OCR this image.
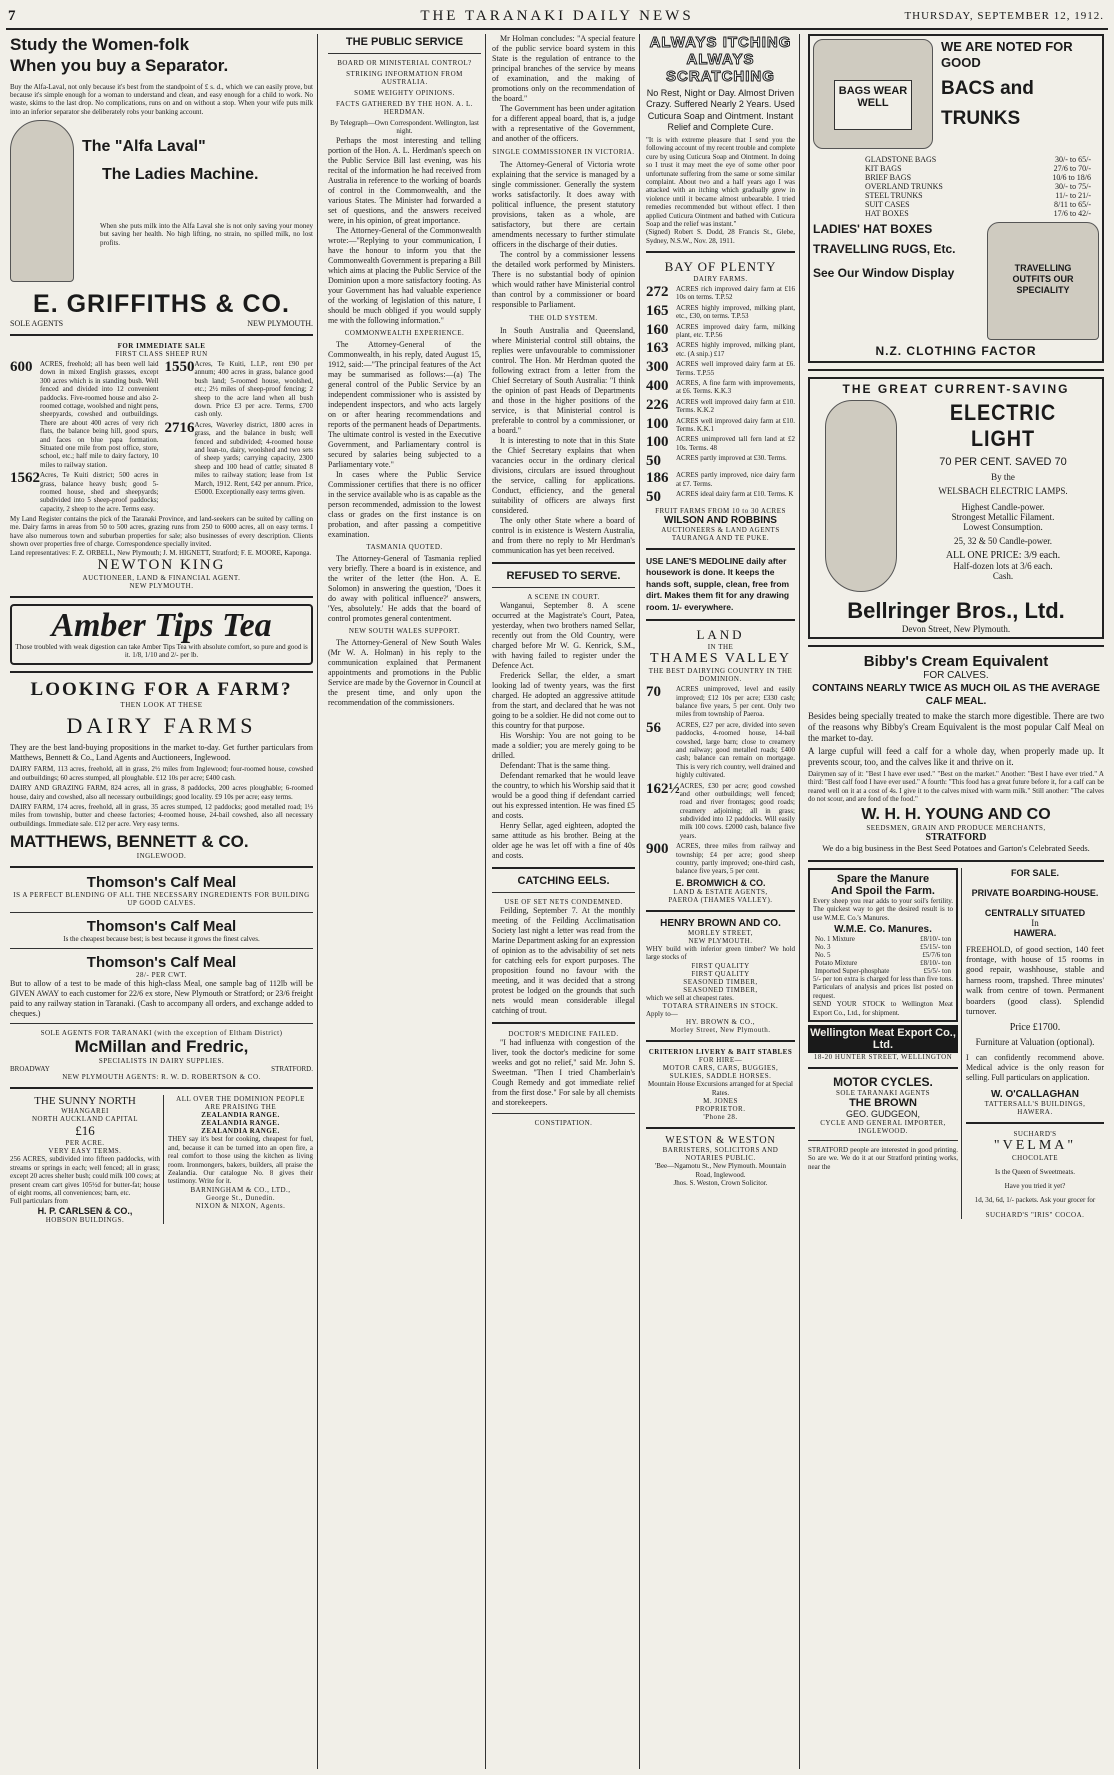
7	THE TARANAKI DAILY NEWS	THURSDAY, SEPTEMBER 12, 1912.

Study the Women-folk

When you buy a Separator.

Buy the Alfa-Laval, not only because it's best from the standpoint of £ s. d., which we can easily prove, but because it's simple enough for a woman to understand and clean, and easy enough for a child to work. No waste, skims to the last drop. No complications, runs on and on without a stop. When your wife puts milk into an inferior separator she deliberately robs your banking account.

The "Alfa Laval"

The Ladies Machine.

When she puts milk into the Alfa Laval she is not only saving your money but saving her health. No high lifting, no strain, no spilled milk, no lost profits.

E. GRIFFITHS & CO.

SOLE AGENTS	NEW PLYMOUTH.

FOR IMMEDIATE SALE

FIRST CLASS SHEEP RUN

600	ACRES, freehold; all has been well laid down in mixed English grasses, except 300 acres which is in standing bush. Well fenced and divided into 12 convenient paddocks. Five-roomed house and also 2-roomed cottage, woolshed and night pens, sheepyards, cowshed and outbuildings. There are about 400 acres of very rich flats, the balance being hill, good spurs, and faces on blue papa formation. Situated one mile from post office, store, school, etc.; half mile to dairy factory, 10 miles to railway station.
1562 Acres, Te Kuiti district; 500 acres in grass, balance heavy bush; good 5-roomed house, shed and sheepyards; subdivided into 5 sheep-proof paddocks; capacity, 2 sheep to the acre. Terms easy.
1550 Acres, Te Kuiti, L.I.P., rent £90 per annum; 400 acres in grass, balance good bush land; 5-roomed house, woolshed, etc.; 2½ miles of sheep-proof fencing; 2 sheep to the acre land when all bush down. Price £3 per acre. Terms, £700 cash only.
2716 Acres, Waverley district, 1800 acres in grass, and the balance in bush; well fenced and subdivided; 4-roomed house and lean-to, dairy, woolshed and two sets of sheep yards; carrying capacity, 2300 sheep and 100 head of cattle; situated 8 miles to railway station; lease from 1st March, 1912. Rent, £42 per annum. Price, £5000. Exceptionally easy terms given.

My Land Register contains the pick of the Taranaki Province, and land-seekers can be suited by calling on me. Dairy farms in areas from 50 to 500 acres, grazing runs from 250 to 6000 acres, all on easy terms. I have also numerous town and suburban properties for sale; also businesses of every description. Clients shown over properties free of charge. Correspondence specially invited.

Land representatives: F. Z. ORBELL, New Plymouth; J. M. HIGNETT, Stratford; F. E. MOORE, Kaponga.

NEWTON KING

AUCTIONEER, LAND & FINANCIAL AGENT.

NEW PLYMOUTH.

Amber Tips Tea

Those troubled with weak digestion can take Amber Tips Tea with absolute comfort, so pure and good is it. 1/8, 1/10 and 2/- per lb.

LOOKING FOR A FARM?

THEN LOOK AT THESE

DAIRY FARMS

They are the best land-buying propositions in the market to-day. Get further particulars from Matthews, Bennett & Co., Land Agents and Auctioneers, Inglewood.

DAIRY FARM, 113 acres, freehold, all in grass, 2½ miles from Inglewood; four-roomed house, cowshed and outbuildings; 60 acres stumped, all ploughable. £12 10s per acre; £400 cash.

DAIRY AND GRAZING FARM, 824 acres, all in grass, 8 paddocks, 200 acres ploughable; 6-roomed house, dairy and cowshed, also all necessary outbuildings; good locality. £9 10s per acre; easy terms.

DAIRY FARM, 174 acres, freehold, all in grass, 35 acres stumped, 12 paddocks; good metalled road; 1½ miles from township, butter and cheese factories; 4-roomed house, 24-bail cowshed, also all necessary outbuildings. Immediate sale. £12 per acre. Very easy terms.

MATTHEWS, BENNETT & CO.

INGLEWOOD.

Thomson's Calf Meal

IS A PERFECT BLENDING OF ALL THE NECESSARY INGREDIENTS FOR BUILDING UP GOOD CALVES.

Thomson's Calf Meal

Is the cheapest because best; is best because it grows the finest calves.

Thomson's Calf Meal

28/- PER CWT.

But to allow of a test to be made of this high-class Meal, one sample bag of 112lb will be GIVEN AWAY to each customer for 22/6 ex store, New Plymouth or Stratford; or 23/6 freight paid to any railway station in Taranaki. (Cash to accompany all orders, and exchange added to cheques.)

SOLE AGENTS FOR TARANAKI (with the exception of Eltham District)

McMillan and Fredric,

SPECIALISTS IN DAIRY SUPPLIES.

BROADWAY	STRATFORD.

NEW PLYMOUTH AGENTS: R. W. D. ROBERTSON & CO.

THE SUNNY NORTH

WHANGAREI

NORTH AUCKLAND CAPITAL

£16

PER ACRE.

VERY EASY TERMS.

256 ACRES, subdivided into fifteen paddocks, with streams or springs in each; well fenced; all in grass; except 20 acres shelter bush; could milk 100 cows; at present cream cart gives 105½d for butter-fat; house of eight rooms, all conveniences; barn, etc.

Full particulars from

H. P. CARLSEN & CO.,

HOBSON BUILDINGS.

ALL OVER THE DOMINION PEOPLE ARE PRAISING THE

ZEALANDIA RANGE.

ZEALANDIA RANGE.

ZEALANDIA RANGE.

THEY say it's best for cooking, cheapest for fuel, and, because it can be turned into an open fire, a real comfort to those using the kitchen as living room. Ironmongers, bakers, builders, all praise the Zealandia. Our catalogue No. 8 gives their testimony. Write for it.

BARNINGHAM & CO., LTD.,

George St., Dunedin.

NIXON & NIXON, Agents.

THE PUBLIC SERVICE

BOARD OR MINISTERIAL CONTROL?

STRIKING INFORMATION FROM AUSTRALIA.

SOME WEIGHTY OPINIONS.

FACTS GATHERED BY THE HON. A. L. HERDMAN.

By Telegraph—Own Correspondent. Wellington, last night.

Perhaps the most interesting and telling portion of the Hon. A. L. Herdman's speech on the Public Service Bill last evening, was his recital of the information he had received from Australia in reference to the working of boards of control in the Commonwealth, and the various States. The Minister had forwarded a set of questions, and the answers received were, in his opinion, of great importance.

The Attorney-General of the Commonwealth wrote:—"Replying to your communication, I have the honour to inform you that the Commonwealth Government is preparing a Bill which aims at placing the Public Service of the Dominion upon a more satisfactory footing. As your Government has had valuable experience of the working of legislation of this nature, I should be much obliged if you would supply me with the following information."

COMMONWEALTH EXPERIENCE.

The Attorney-General of the Commonwealth, in his reply, dated August 15, 1912, said:—"The principal features of the Act may be summarised as follows:—(a) The general control of the Public Service by an independent commissioner who is assisted by independent inspectors, and who acts largely on or after hearing recommendations and reports of the permanent heads of Departments. The ultimate control is vested in the Executive Government, and Parliamentary control is secured by salaries being subjected to a Parliamentary vote."

In cases where the Public Service Commissioner certifies that there is no officer in the service available who is as capable as the person recommended, admission to the lowest class or grades on the first instance is on probation, and after passing a competitive examination.

TASMANIA QUOTED.

The Attorney-General of Tasmania replied very briefly. There a board is in existence, and the writer of the letter (the Hon. A. E. Solomon) in answering the question, 'Does it do away with political influence?' answers, 'Yes, absolutely.' He adds that the board of control promotes general contentment.

NEW SOUTH WALES SUPPORT.

The Attorney-General of New South Wales (Mr W. A. Holman) in his reply to the communication explained that Permanent appointments and promotions in the Public Service are made by the Governor in Council at the present time, and only upon the recommendation of the commissioners.

Mr Holman concludes: "A special feature of the public service board system in this State is the regulation of entrance to the principal branches of the service by means of examination, and the making of promotions only on the recommendation of the board."

The Government has been under agitation for a different appeal board, that is, a judge with a representative of the Government, and another of the officers.

SINGLE COMMISSIONER IN VICTORIA.

The Attorney-General of Victoria wrote explaining that the service is managed by a single commissioner. Generally the system works satisfactorily. It does away with political influence, the present statutory provisions, taken as a whole, are satisfactory, but there are certain amendments necessary to further stimulate officers in the discharge of their duties.

The control by a commissioner lessens the detailed work performed by Ministers. There is no substantial body of opinion which would rather have Ministerial control than control by a commissioner or board responsible to Parliament.

THE OLD SYSTEM.

In South Australia and Queensland, where Ministerial control still obtains, the replies were unfavourable to commissioner control. The Hon. Mr Herdman quoted the following extract from a letter from the Chief Secretary of South Australia: "I think the opinion of past Heads of Departments and those in the higher positions of the service, is that Ministerial control is preferable to control by a commissioner, or a board."

It is interesting to note that in this State the Chief Secretary explains that when vacancies occur in the ordinary clerical divisions, circulars are issued throughout the service, calling for applications. Conduct, efficiency, and the general suitability of officers are always first considered.

The only other State where a board of control is in existence is Western Australia, and from there no reply to Mr Herdman's communication has yet been received.

REFUSED TO SERVE.

A SCENE IN COURT.

Wanganui, September 8. A scene occurred at the Magistrate's Court, Patea, yesterday, when two brothers named Sellar, recently out from the Old Country, were charged before Mr W. G. Kenrick, S.M., with having failed to register under the Defence Act.

Frederick Sellar, the elder, a smart looking lad of twenty years, was the first charged. He adopted an aggressive attitude from the start, and declared that he was not going to be a soldier. He did not come out to this country for that purpose.

His Worship: You are not going to be made a soldier; you are merely going to be drilled.

Defendant: That is the same thing.

Defendant remarked that he would leave the country, to which his Worship said that it would be a good thing if defendant carried out his expressed intention. He was fined £5 and costs.

Henry Sellar, aged eighteen, adopted the same attitude as his brother. Being at the older age he was let off with a fine of 40s and costs.

CATCHING EELS.

USE OF SET NETS CONDEMNED.

Feilding, September 7. At the monthly meeting of the Feilding Acclimatisation Society last night a letter was read from the Marine Department asking for an expression of opinion as to the advisability of set nets for catching eels for export purposes. The proposition found no favour with the meeting, and it was decided that a strong protest be lodged on the grounds that such nets would mean considerable illegal catching of trout.

DOCTOR'S MEDICINE FAILED.

"I had influenza with congestion of the liver, took the doctor's medicine for some weeks and got no relief," said Mr. John S. Sweetman. "Then I tried Chamberlain's Cough Remedy and got immediate relief from the first dose." For sale by all chemists and storekeepers.

CONSTIPATION.

ALWAYS ITCHING

ALWAYS SCRATCHING

No Rest, Night or Day. Almost Driven Crazy. Suffered Nearly 2 Years. Used Cuticura Soap and Ointment. Instant Relief and Complete Cure.

"It is with extreme pleasure that I send you the following account of my recent trouble and complete cure by using Cuticura Soap and Ointment. In doing so I trust it may meet the eye of some other poor unfortunate suffering from the same or some similar complaint. About two and a half years ago I was attacked with an itching which gradually grew in violence until it became almost unbearable. I tried remedies recommended but without effect. I then applied Cuticura Ointment and bathed with Cuticura Soap and the relief was instant."

(Signed) Robert S. Dodd, 28 Francis St., Glebe, Sydney, N.S.W., Nov. 28, 1911.

BAY OF PLENTY

DAIRY FARMS.

272	ACRES rich improved dairy farm at £16 10s on terms. T.P.52
165	ACRES highly improved, milking plant, etc., £30, on terms. T.P.53
160	ACRES improved dairy farm, milking plant, etc. T.P.56
163	ACRES highly improved, milking plant, etc. (A snip.) £17
300	ACRES well improved dairy farm at £6. Terms. T.P.55
400	ACRES, A fine farm with improvements, at £6. Terms. K.K.3
226	ACRES well improved dairy farm at £10. Terms. K.K.2
100	ACRES well improved dairy farm at £10. Terms. K.K.1
100	ACRES unimproved tall fern land at £2 10s. Terms. 48
50	ACRES partly improved at £30. Terms.
186	ACRES partly improved, nice dairy farm at £7. Terms.
50	ACRES ideal dairy farm at £10. Terms. K

FRUIT FARMS FROM 10 to 30 ACRES

WILSON AND ROBBINS

AUCTIONEERS & LAND AGENTS

TAURANGA AND TE PUKE.

USE LANE'S MEDOLINE daily after housework is done. It keeps the hands soft, supple, clean, free from dirt. Makes them fit for any drawing room. 1/- everywhere.

LAND

IN THE

THAMES VALLEY

THE BEST DAIRYING COUNTRY IN THE DOMINION.

70	ACRES unimproved, level and easily improved; £12 10s per acre; £330 cash; balance five years, 5 per cent. Only two miles from township of Paeroa.
56	ACRES, £27 per acre, divided into seven paddocks, 4-roomed house, 14-bail cowshed, large barn; close to creamery and railway; good metalled roads; £400 cash; balance can remain on mortgage. This is very rich country, well drained and highly cultivated.
162½ ACRES, £30 per acre; good cowshed and other outbuildings; well fenced; road and river frontages; good roads; creamery adjoining; all in grass; subdivided into 12 paddocks. Will easily milk 100 cows. £2000 cash, balance five years.
900	ACRES, three miles from railway and township; £4 per acre; good sheep country, partly improved; one-third cash, balance five years, 5 per cent.

E. BROMWICH & CO.

LAND & ESTATE AGENTS,

PAEROA (THAMES VALLEY).

HENRY BROWN AND CO.

MORLEY STREET,

NEW PLYMOUTH.

WHY build with inferior green timber? We hold large stocks of

FIRST QUALITY

FIRST QUALITY

SEASONED TIMBER,

SEASONED TIMBER,

which we sell at cheapest rates.

TOTARA STRAINERS IN STOCK.

Apply to—

HY. BROWN & CO.,

Morley Street, New Plymouth.

CRITERION LIVERY & BAIT STABLES

FOR HIRE—

MOTOR CARS, CARS, BUGGIES, SULKIES, SADDLE HORSES.

Mountain House Excursions arranged for at Special Rates.

M. JONES

PROPRIETOR.

'Phone 28.

WESTON & WESTON

BARRISTERS, SOLICITORS AND NOTARIES PUBLIC.

'Bee—Ngamotu St., New Plymouth. Mountain Road, Inglewood.

Jhos. S. Weston, Crown Solicitor.

BAGS WEAR WELL

WE ARE NOTED FOR GOOD

BACS and

TRUNKS

GLADSTONE BAGS	30/- to 65/-
KIT BAGS	27/6 to 70/-
BRIEF BAGS	10/6 to 18/6
OVERLAND TRUNKS	30/- to 75/-
STEEL TRUNKS	11/- to 21/-
SUIT CASES	8/11 to 65/-
HAT BOXES	17/6 to 42/-

LADIES' HAT BOXES

TRAVELLING RUGS, Etc.

See Our Window Display	TRAVELLING OUTFITS OUR SPECIALITY

N.Z. CLOTHING FACTOR

THE GREAT CURRENT-SAVING

ELECTRIC LIGHT

70 PER CENT. SAVED 70

By the

WELSBACH ELECTRIC LAMPS.

Highest Candle-power.

Strongest Metallic Filament.

Lowest Consumption.

25, 32 & 50 Candle-power.

ALL ONE PRICE: 3/9 each.

Half-dozen lots at 3/6 each.

Cash.

Bellringer Bros., Ltd.

Devon Street, New Plymouth.

Bibby's Cream Equivalent

FOR CALVES.

CONTAINS NEARLY TWICE AS MUCH OIL AS THE AVERAGE CALF MEAL.

Besides being specially treated to make the starch more digestible. There are two of the reasons why Bibby's Cream Equivalent is the most popular Calf Meal on the market to-day.

A large cupful will feed a calf for a whole day, when properly made up. It prevents scour, too, and the calves like it and thrive on it.

Dairymen say of it: "Best I have ever used." "Best on the market." Another: "Best I have ever tried." A third: "Best calf food I have ever used." A fourth: "This food has a great future before it, for a calf can be reared well on it at a cost of 4s. I give it to the calves mixed with warm milk." Still another: "The calves do not scour, and are fond of the food."

W. H. H. YOUNG AND CO

SEEDSMEN, GRAIN AND PRODUCE MERCHANTS,

STRATFORD

We do a big business in the Best Seed Potatoes and Garton's Celebrated Seeds.

Spare the Manure

And Spoil the Farm.

Every sheep you rear adds to your soil's fertility. The quickest way to get the desired result is to use W.M.E. Co.'s Manures.

W.M.E. Co. Manures.

No. 1 Mixture	£8/10/- ton
No. 3	£5/15/- ton
No. 5	£5/7/6 ton
Potato Mixture	£8/10/- ton
Imported Super-phosphate	£5/5/- ton

5/- per ton extra is charged for less than five tons. Particulars of analysis and prices list posted on request.

SEND YOUR STOCK to Wellington Meat Export Co., Ltd., for shipment.

Wellington Meat Export Co., Ltd.

18-20 HUNTER STREET, WELLINGTON

MOTOR CYCLES.

SOLE TARANAKI AGENTS

THE BROWN

GEO. GUDGEON,

CYCLE AND GENERAL IMPORTER, INGLEWOOD.

STRATFORD people are interested in good printing. So are we. We do it at our Stratford printing works, near the

FOR SALE.

PRIVATE BOARDING-HOUSE.

CENTRALLY SITUATED

In

HAWERA.

FREEHOLD, of good section, 140 feet frontage, with house of 15 rooms in good repair, washhouse, stable and harness room, trapshed. Three minutes' walk from centre of town. Permanent boarders (good class). Splendid turnover.

Price £1700.

Furniture at Valuation (optional).

I can confidently recommend above. Medical advice is the only reason for selling. Full particulars on application.

W. O'CALLAGHAN

TATTERSALL'S BUILDINGS, HAWERA.

SUCHARD'S

"VELMA"

CHOCOLATE

Is the Queen of Sweetmeats.

Have you tried it yet?

1d, 3d, 6d, 1/- packets. Ask your grocer for

SUCHARD'S "IRIS" COCOA.
